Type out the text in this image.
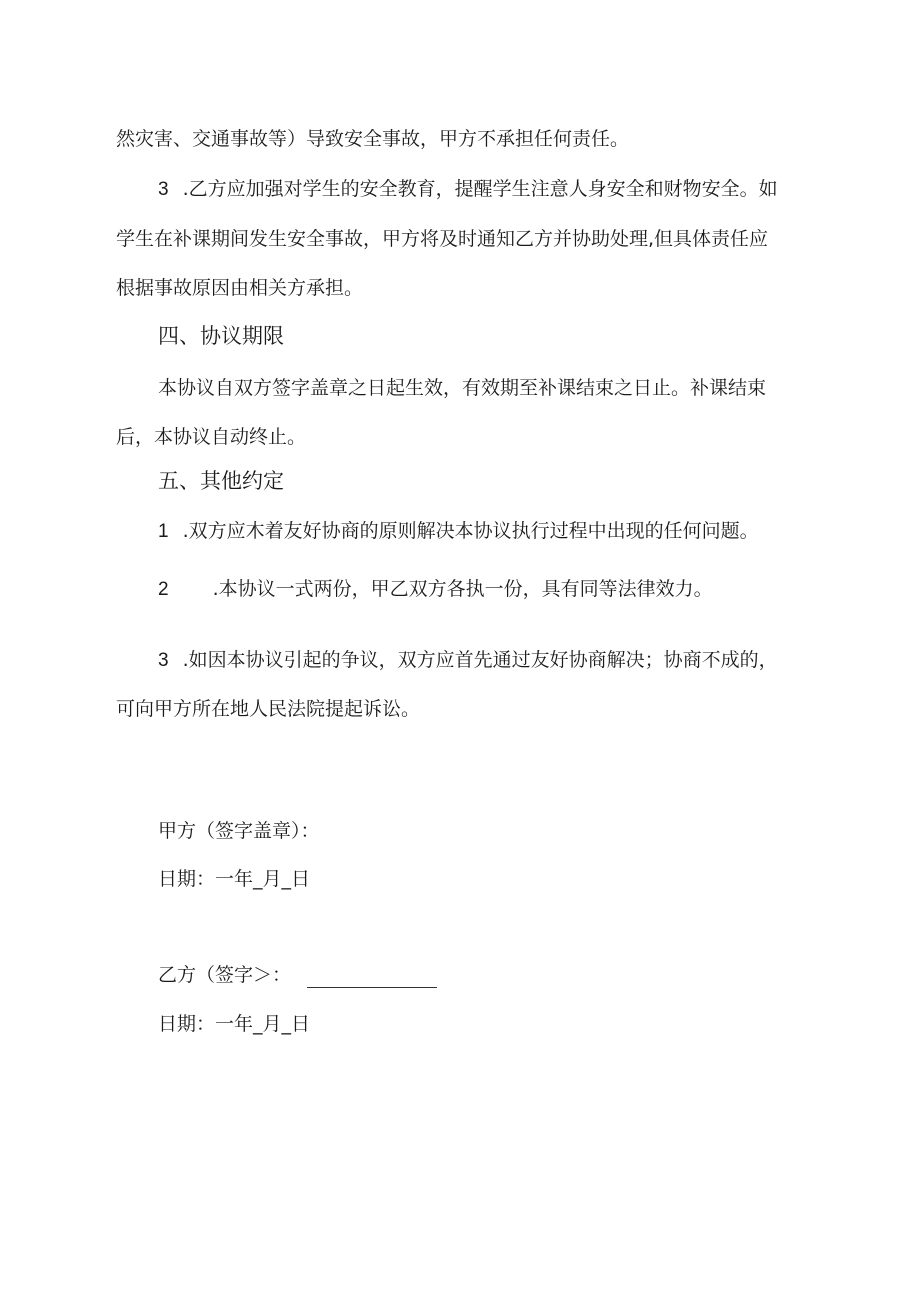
然灾害、交通事故等）导致安全事故，甲方不承担任何责任。
3 .乙方应加强对学生的安全教育，提醒学生注意人身安全和财物安全。如
学生在补课期间发生安全事故，甲方将及时通知乙方并协助处理,但具体责任应
根据事故原因由相关方承担。
四、协议期限
本协议自双方签字盖章之日起生效，有效期至补课结束之日止。补课结束
后，本协议自动终止。
五、其他约定
1 .双方应木着友好协商的原则解决本协议执行过程中出现的任何问题。
2 .本协议一式两份，甲乙双方各执一份，具有同等法律效力。
3 .如因本协议引起的争议，双方应首先通过友好协商解决；协商不成的，
可向甲方所在地人民法院提起诉讼。
甲方（签字盖章）：
日期：一年_月_日
乙方（签字＞：
日期：一年_月_日
